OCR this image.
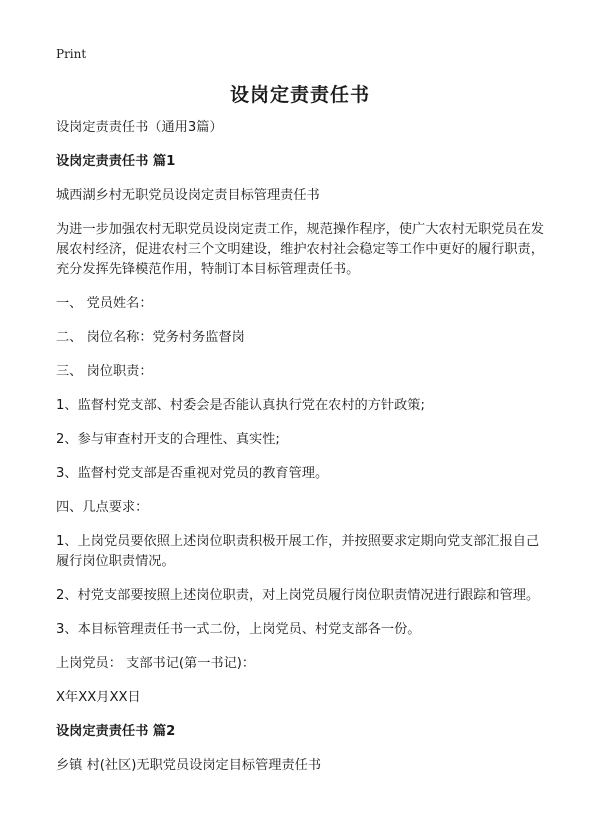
Print
设岗定责责任书
设岗定责责任书（通用3篇）
设岗定责责任书 篇1
城西湖乡村无职党员设岗定责目标管理责任书
为进一步加强农村无职党员设岗定责工作，规范操作程序，使广大农村无职党员在发展农村经济，促进农村三个文明建设，维护农村社会稳定等工作中更好的履行职责，充分发挥先锋模范作用，特制订本目标管理责任书。
一、 党员姓名：
二、 岗位名称：党务村务监督岗
三、 岗位职责：
1、监督村党支部、村委会是否能认真执行党在农村的方针政策;
2、参与审查村开支的合理性、真实性;
3、监督村党支部是否重视对党员的教育管理。
四、几点要求：
1、上岗党员要依照上述岗位职责积极开展工作，并按照要求定期向党支部汇报自己履行岗位职责情况。
2、村党支部要按照上述岗位职责，对上岗党员履行岗位职责情况进行跟踪和管理。
3、本目标管理责任书一式二份，上岗党员、村党支部各一份。
上岗党员： 支部书记(第一书记)：
X年XX月XX日
设岗定责责任书 篇2
乡镇 村(社区)无职党员设岗定目标管理责任书
